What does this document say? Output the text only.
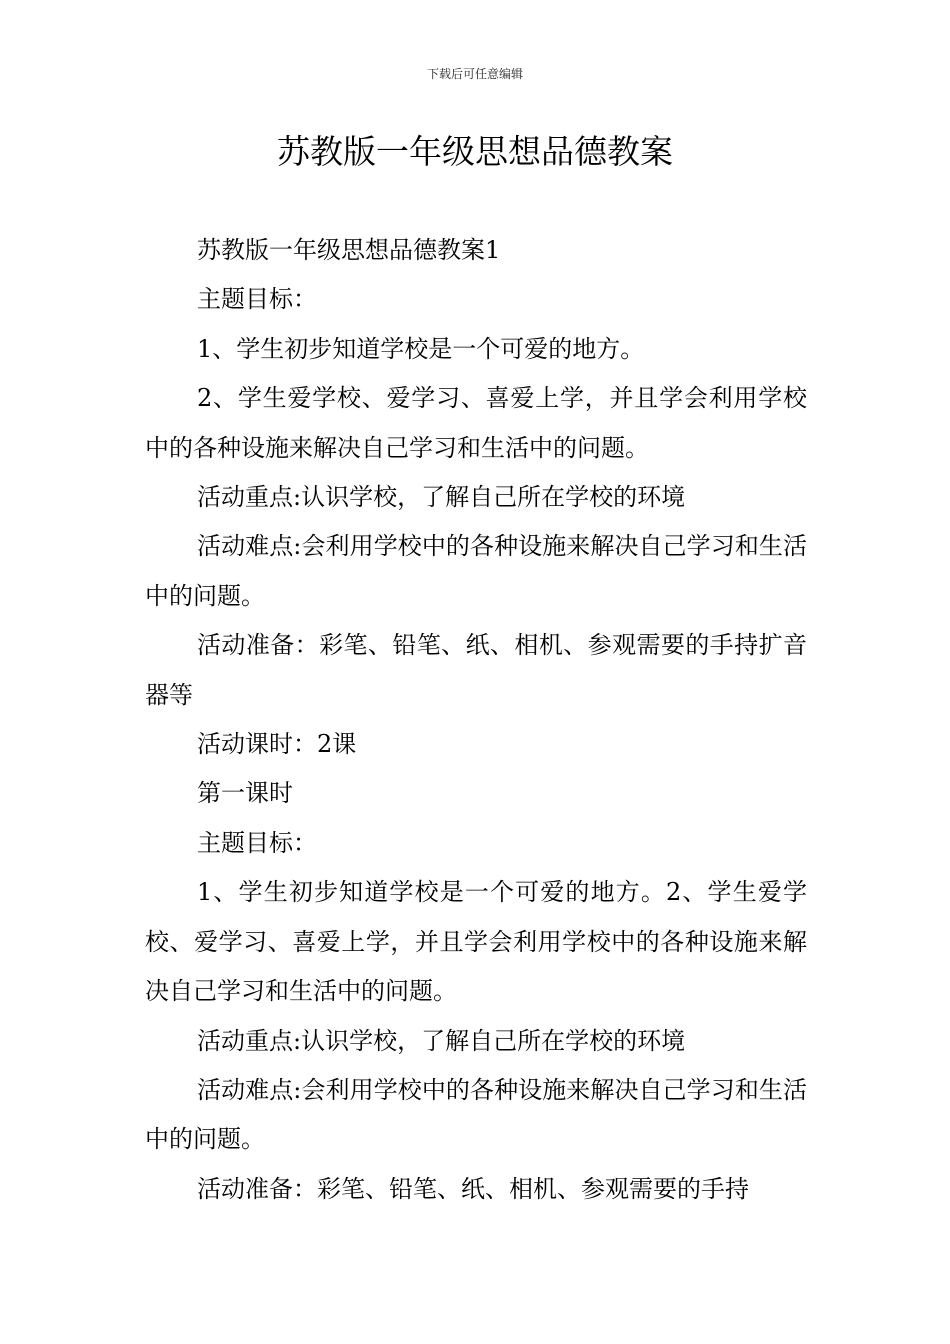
下载后可任意编辑
苏教版一年级思想品德教案

苏教版一年级思想品德教案1

主题目标：

1、学生初步知道学校是一个可爱的地方。

2、学生爱学校、爱学习、喜爱上学，并且学会利用学校中的各种设施来解决自己学习和生活中的问题。

活动重点:认识学校，了解自己所在学校的环境

活动难点:会利用学校中的各种设施来解决自己学习和生活中的问题。

活动准备：彩笔、铅笔、纸、相机、参观需要的手持扩音器等

活动课时：2课

第一课时

主题目标：

1、学生初步知道学校是一个可爱的地方。2、学生爱学校、爱学习、喜爱上学，并且学会利用学校中的各种设施来解决自己学习和生活中的问题。

活动重点:认识学校，了解自己所在学校的环境

活动难点:会利用学校中的各种设施来解决自己学习和生活中的问题。

活动准备：彩笔、铅笔、纸、相机、参观需要的手持
